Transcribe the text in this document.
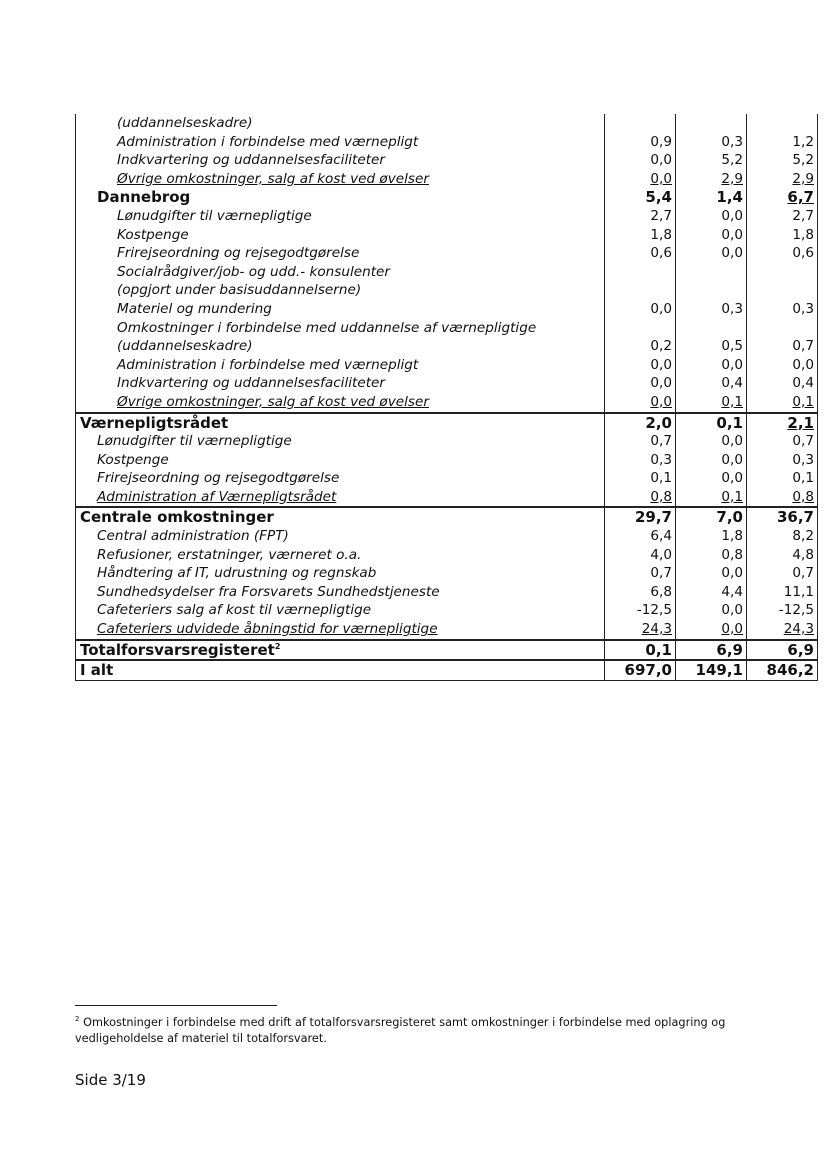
(uddannelseskadre)			
Administration i forbindelse med værnepligt	0,9	0,3	1,2
Indkvartering og uddannelsesfaciliteter	0,0	5,2	5,2
Øvrige omkostninger, salg af kost ved øvelser	0,0	2,9	2,9
Dannebrog	5,4	1,4	6,7
Lønudgifter til værnepligtige	2,7	0,0	2,7
Kostpenge	1,8	0,0	1,8
Frirejseordning og rejsegodtgørelse	0,6	0,0	0,6
Socialrådgiver/job- og udd.- konsulenter			
(opgjort under basisuddannelserne)			
Materiel og mundering	0,0	0,3	0,3
Omkostninger i forbindelse med uddannelse af værnepligtige			
(uddannelseskadre)	0,2	0,5	0,7
Administration i forbindelse med værnepligt	0,0	0,0	0,0
Indkvartering og uddannelsesfaciliteter	0,0	0,4	0,4
Øvrige omkostninger, salg af kost ved øvelser	0,0	0,1	0,1
Værnepligtsrådet	2,0	0,1	2,1
Lønudgifter til værnepligtige	0,7	0,0	0,7
Kostpenge	0,3	0,0	0,3
Frirejseordning og rejsegodtgørelse	0,1	0,0	0,1
Administration af Værnepligtsrådet	0,8	0,1	0,8
Centrale omkostninger	29,7	7,0	36,7
Central administration (FPT)	6,4	1,8	8,2
Refusioner, erstatninger, værneret o.a.	4,0	0,8	4,8
Håndtering af IT, udrustning og regnskab	0,7	0,0	0,7
Sundhedsydelser fra Forsvarets Sundhedstjeneste	6,8	4,4	11,1
Cafeteriers salg af kost til værnepligtige	-12,5	0,0	-12,5
Cafeteriers udvidede åbningstid for værnepligtige	24,3	0,0	24,3
Totalforsvarsregisteret$^2$	0,1	6,9	6,9
I alt	697,0	149,1	846,2
$^2$ Omkostninger i forbindelse med drift af totalforsvarsregisteret samt omkostninger i forbindelse med oplagring og vedligeholdelse af materiel til totalforsvaret.
Side 3/19
